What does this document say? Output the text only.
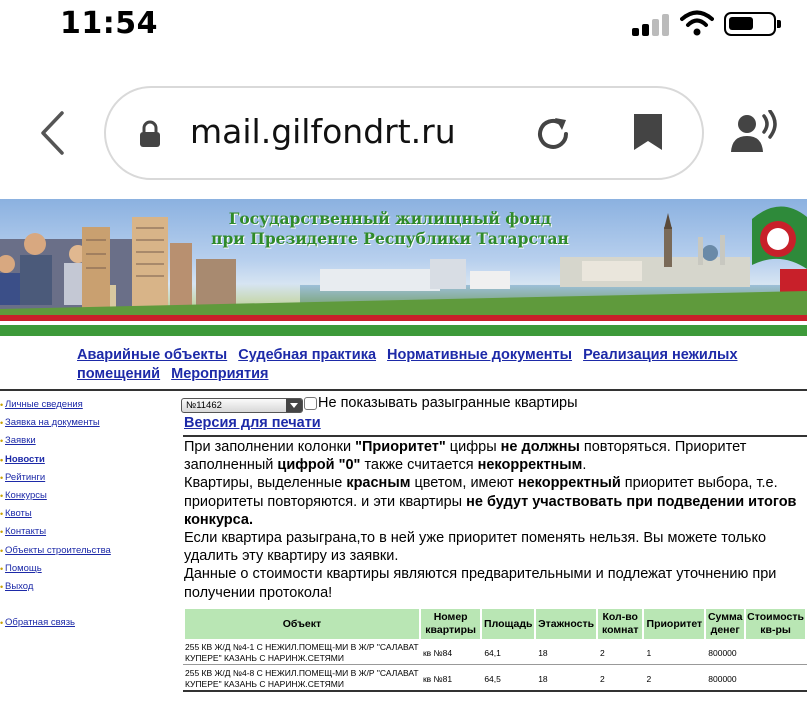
11:54
mail.gilfondrt.ru
Государственный жилищный фонд
при Президенте Республики Татарстан
Аварийные объекты Судебная практика Нормативные документы Реализация нежилых помещений Мероприятия
• Личные сведения
• Заявка на документы
• Заявки
• Новости
• Рейтинги
• Конкурсы
• Квоты
• Контакты
• Объекты строительства
• Помощь
• Выход
• Обратная связь
№11462	Не показывать разыгранные квартиры
Версия для печати

При заполнении колонки "Приоритет" цифры не должны повторяться. Приоритет заполненный цифрой "0" также считается некорректным.

Квартиры, выделенные красным цветом, имеют некорректный приоритет выбора, т.е. приоритеты повторяются. и эти квартиры не будут участвовать при подведении итогов конкурса.

Если квартира разыграна,то в ней уже приоритет поменять нельзя. Вы можете только удалить эту квартиру из заявки.

Данные о стоимости квартиры являются предварительными и подлежат уточнению при получении протокола!

Объект	Номер квартиры	Площадь	Этажность	Кол-во комнат	Приоритет	Сумма денег	Стоимость кв-ры
255 КВ Ж/Д №4-1 С НЕЖИЛ.ПОМЕЩ-МИ В Ж/Р "САЛАВАТ КУПЕРЕ" КАЗАНЬ С НАРИНЖ.СЕТЯМИ	кв №84	64,1	18	2	1	800000	
255 КВ Ж/Д №4-8 С НЕЖИЛ.ПОМЕЩ-МИ В Ж/Р "САЛАВАТ КУПЕРЕ" КАЗАНЬ С НАРИНЖ.СЕТЯМИ	кв №81	64,5	18	2	2	800000	
